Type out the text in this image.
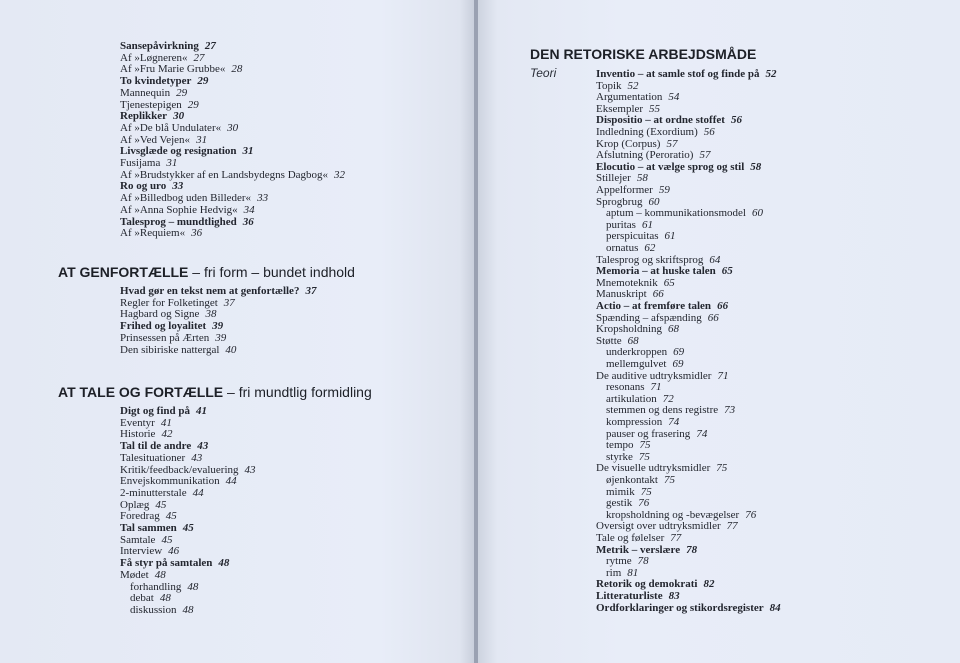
Sansepåvirkning 27
Af »Løgneren« 27
Af »Fru Marie Grubbe« 28
To kvindetyper 29
Mannequin 29
Tjenestepigen 29
Replikker 30
Af »De blå Undulater« 30
Af »Ved Vejen« 31
Livsglæde og resignation 31
Fusijama 31
Af »Brudstykker af en Landsbydegns Dagbog« 32
Ro og uro 33
Af »Billedbog uden Billeder« 33
Af »Anna Sophie Hedvig« 34
Talesprog – mundtlighed 36
Af »Requiem« 36
AT GENFORTÆLLE – fri form – bundet indhold
Hvad gør en tekst nem at genfortælle? 37
Regler for Folketinget 37
Hagbard og Signe 38
Frihed og loyalitet 39
Prinsessen på Ærten 39
Den sibiriske nattergal 40
AT TALE OG FORTÆLLE – fri mundtlig formidling
Digt og find på 41
Eventyr 41
Historie 42
Tal til de andre 43
Talesituationer 43
Kritik/feedback/evaluering 43
Envejskommunikation 44
2-minutterstale 44
Oplæg 45
Foredrag 45
Tal sammen 45
Samtale 45
Interview 46
Få styr på samtalen 48
Mødet 48
forhandling 48
debat 48
diskussion 48
DEN RETORISKE ARBEJDSMÅDE
Teori	Inventio – at samle stof og finde på 52
Topik 52
Argumentation 54
Eksempler 55
Dispositio – at ordne stoffet 56
Indledning (Exordium) 56
Krop (Corpus) 57
Afslutning (Peroratio) 57
Elocutio – at vælge sprog og stil 58
Stillejer 58
Appelformer 59
Sprogbrug 60
aptum – kommunikationsmodel 60
puritas 61
perspicuitas 61
ornatus 62
Talesprog og skriftsprog 64
Memoria – at huske talen 65
Mnemoteknik 65
Manuskript 66
Actio – at fremføre talen 66
Spænding – afspænding 66
Kropsholdning 68
Støtte 68
underkroppen 69
mellemgulvet 69
De auditive udtryksmidler 71
resonans 71
artikulation 72
stemmen og dens registre 73
kompression 74
pauser og frasering 74
tempo 75
styrke 75
De visuelle udtryksmidler 75
øjenkontakt 75
mimik 75
gestik 76
kropsholdning og -bevægelser 76
Oversigt over udtryksmidler 77
Tale og følelser 77
Metrik – verslære 78
rytme 78
rim 81
Retorik og demokrati 82
Litteraturliste 83
Ordforklaringer og stikordsregister 84
